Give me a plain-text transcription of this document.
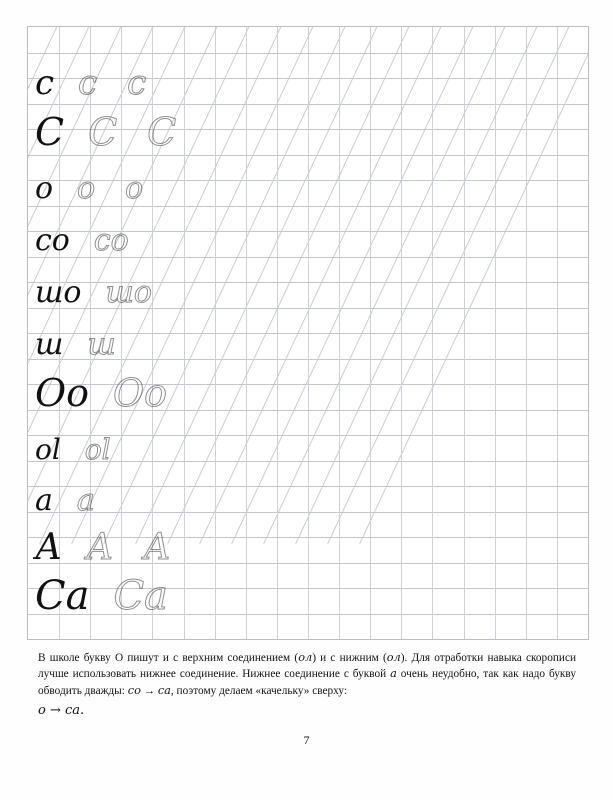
c c c
C C C
o o o
co co
шо шо
ш ш
Оо Оо
ol ol
а а
А А А
Са Са
В школе букву О пишут и с верхним соединением (ол) и с нижним (ол). Для отработки навыка скорописи лучше использовать нижнее соединение. Нижнее соединение с буквой а очень неудобно, так как надо букву обводить дважды: со → са, поэтому делаем «качельку» сверху:
о → са.
7
